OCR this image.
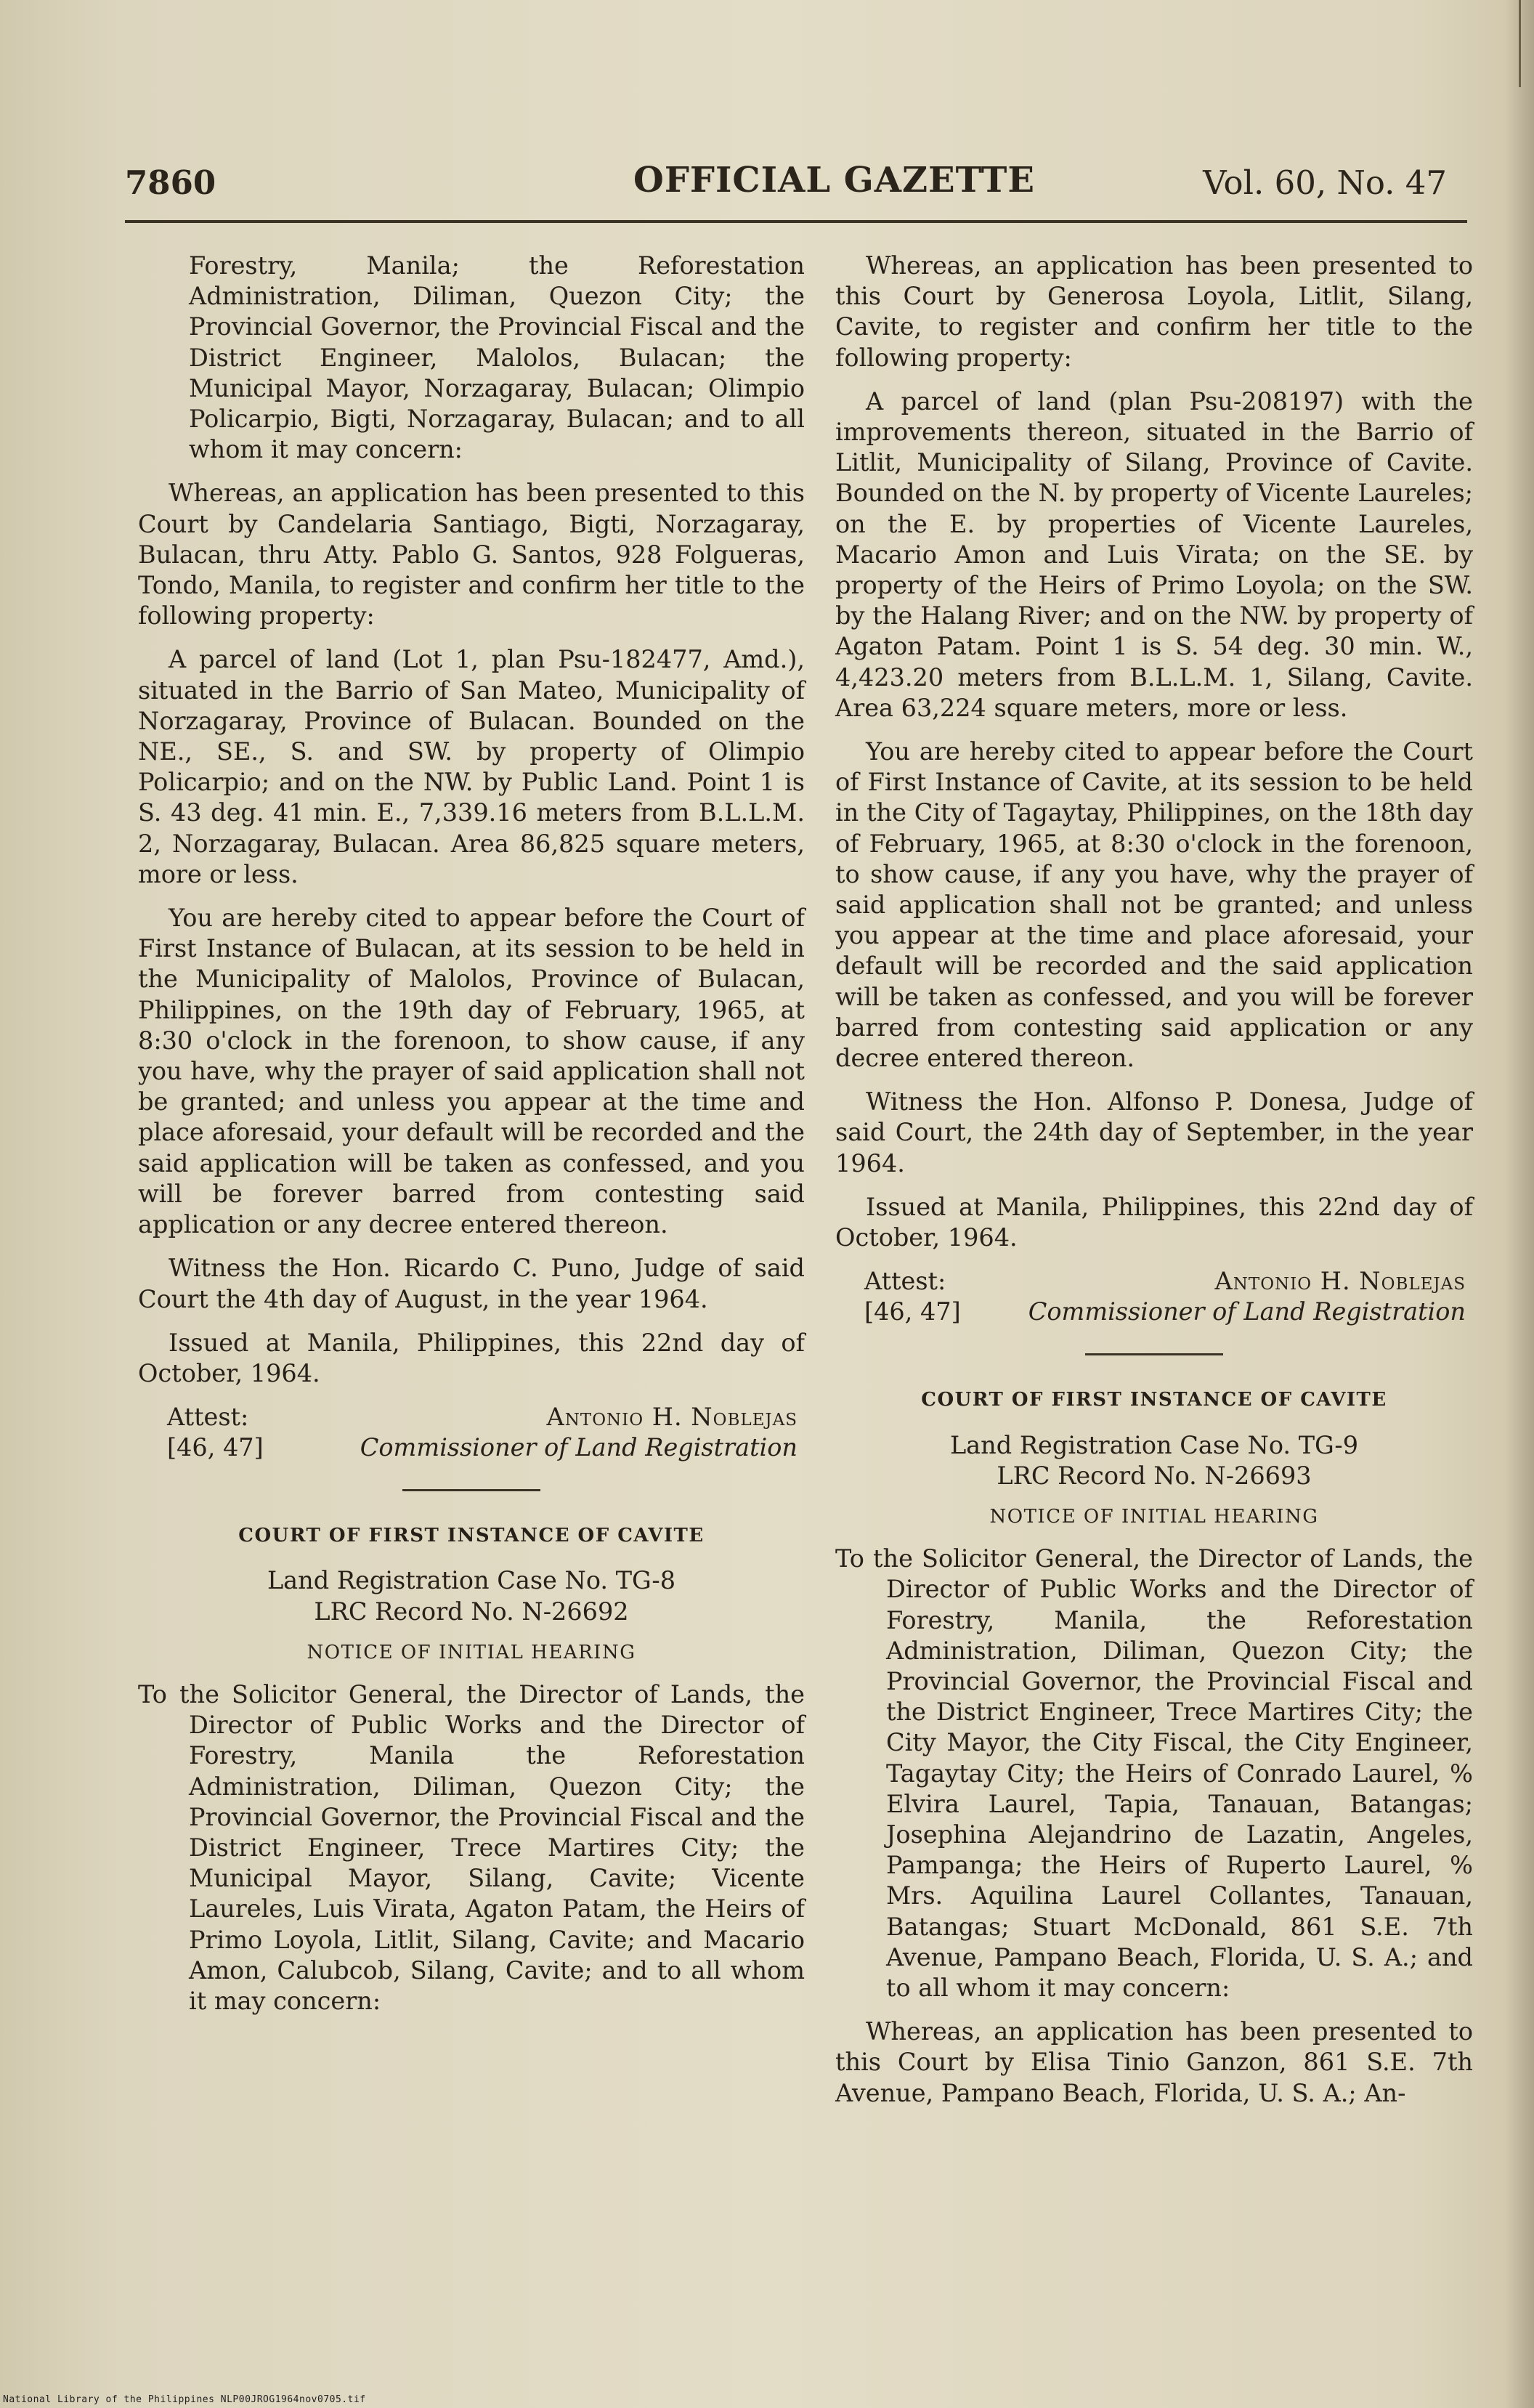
7860	OFFICIAL GAZETTE	Vol. 60, No. 47
Forestry, Manila; the Reforestation Administration, Diliman, Quezon City; the Provincial Governor, the Provincial Fiscal and the District Engineer, Malolos, Bulacan; the Municipal Mayor, Norzagaray, Bulacan; Olimpio Policarpio, Bigti, Norzagaray, Bulacan; and to all whom it may concern:

Whereas, an application has been presented to this Court by Candelaria Santiago, Bigti, Norzagaray, Bulacan, thru Atty. Pablo G. Santos, 928 Folgueras, Tondo, Manila, to register and confirm her title to the following property:

A parcel of land (Lot 1, plan Psu-182477, Amd.), situated in the Barrio of San Mateo, Municipality of Norzagaray, Province of Bulacan. Bounded on the NE., SE., S. and SW. by property of Olimpio Policarpio; and on the NW. by Public Land. Point 1 is S. 43 deg. 41 min. E., 7,339.16 meters from B.L.L.M. 2, Norzagaray, Bulacan. Area 86,825 square meters, more or less.

You are hereby cited to appear before the Court of First Instance of Bulacan, at its session to be held in the Municipality of Malolos, Province of Bulacan, Philippines, on the 19th day of February, 1965, at 8:30 o'clock in the forenoon, to show cause, if any you have, why the prayer of said application shall not be granted; and unless you appear at the time and place aforesaid, your default will be recorded and the said application will be taken as confessed, and you will be forever barred from contesting said application or any decree entered thereon.

Witness the Hon. Ricardo C. Puno, Judge of said Court the 4th day of August, in the year 1964.

Issued at Manila, Philippines, this 22nd day of October, 1964.

Attest:
[46, 47]
Antonio H. Noblejas
Commissioner of Land Registration
COURT OF FIRST INSTANCE OF CAVITE
Land Registration Case No. TG-8
LRC Record No. N-26692
NOTICE OF INITIAL HEARING
To the Solicitor General, the Director of Lands, the Director of Public Works and the Director of Forestry, Manila the Reforestation Administration, Diliman, Quezon City; the Provincial Governor, the Provincial Fiscal and the District Engineer, Trece Martires City; the Municipal Mayor, Silang, Cavite; Vicente Laureles, Luis Virata, Agaton Patam, the Heirs of Primo Loyola, Litlit, Silang, Cavite; and Macario Amon, Calubcob, Silang, Cavite; and to all whom it may concern:

Whereas, an application has been presented to this Court by Generosa Loyola, Litlit, Silang, Cavite, to register and confirm her title to the following property:

A parcel of land (plan Psu-208197) with the improvements thereon, situated in the Barrio of Litlit, Municipality of Silang, Province of Cavite. Bounded on the N. by property of Vicente Laureles; on the E. by properties of Vicente Laureles, Macario Amon and Luis Virata; on the SE. by property of the Heirs of Primo Loyola; on the SW. by the Halang River; and on the NW. by property of Agaton Patam. Point 1 is S. 54 deg. 30 min. W., 4,423.20 meters from B.L.L.M. 1, Silang, Cavite. Area 63,224 square meters, more or less.

You are hereby cited to appear before the Court of First Instance of Cavite, at its session to be held in the City of Tagaytay, Philippines, on the 18th day of February, 1965, at 8:30 o'clock in the forenoon, to show cause, if any you have, why the prayer of said application shall not be granted; and unless you appear at the time and place aforesaid, your default will be recorded and the said application will be taken as confessed, and you will be forever barred from contesting said application or any decree entered thereon.

Witness the Hon. Alfonso P. Donesa, Judge of said Court, the 24th day of September, in the year 1964.

Issued at Manila, Philippines, this 22nd day of October, 1964.

Attest:
[46, 47]
Antonio H. Noblejas
Commissioner of Land Registration
COURT OF FIRST INSTANCE OF CAVITE
Land Registration Case No. TG-9
LRC Record No. N-26693
NOTICE OF INITIAL HEARING
To the Solicitor General, the Director of Lands, the Director of Public Works and the Director of Forestry, Manila, the Reforestation Administration, Diliman, Quezon City; the Provincial Governor, the Provincial Fiscal and the District Engineer, Trece Martires City; the City Mayor, the City Fiscal, the City Engineer, Tagaytay City; the Heirs of Conrado Laurel, % Elvira Laurel, Tapia, Tanauan, Batangas; Josephina Alejandrino de Lazatin, Angeles, Pampanga; the Heirs of Ruperto Laurel, % Mrs. Aquilina Laurel Collantes, Tanauan, Batangas; Stuart McDonald, 861 S.E. 7th Avenue, Pampano Beach, Florida, U. S. A.; and to all whom it may concern:

Whereas, an application has been presented to this Court by Elisa Tinio Ganzon, 861 S.E. 7th Avenue, Pampano Beach, Florida, U. S. A.; An-

National Library of the Philippines NLP00JROG1964nov0705.tif
